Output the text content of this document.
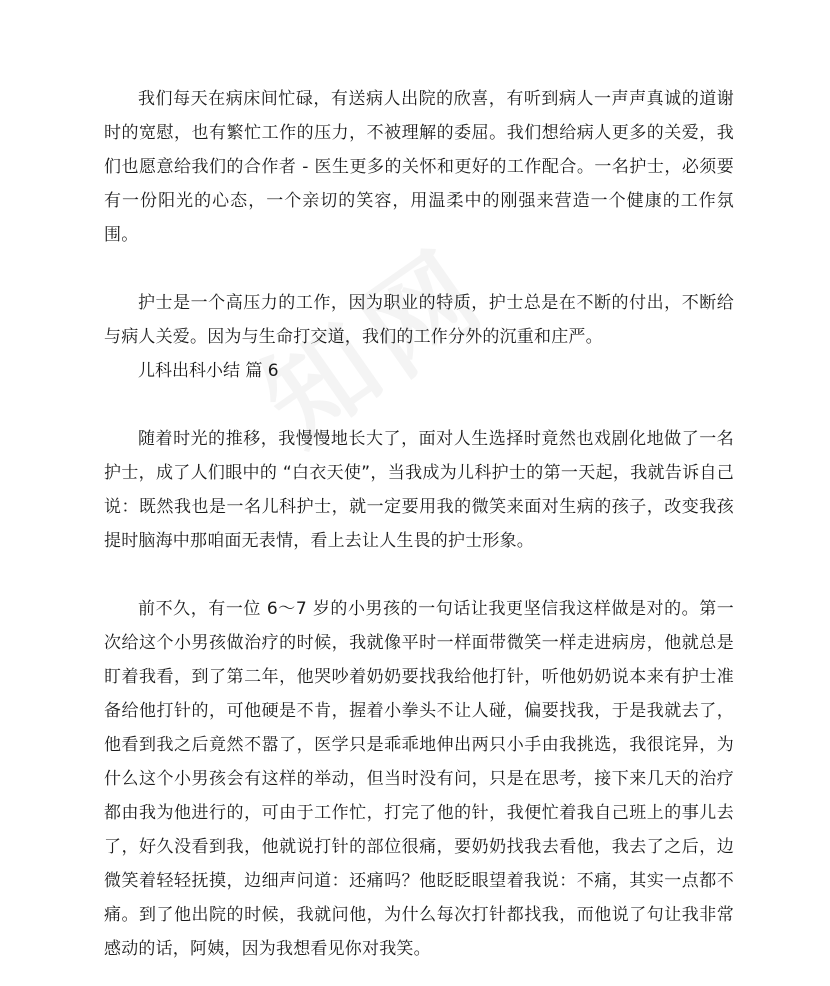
我们每天在病床间忙碌，有送病人出院的欣喜，有听到病人一声声真诚的道谢时的宽慰，也有繁忙工作的压力，不被理解的委屈。我们想给病人更多的关爱，我们也愿意给我们的合作者 - 医生更多的关怀和更好的工作配合。一名护士，必须要有一份阳光的心态，一个亲切的笑容，用温柔中的刚强来营造一个健康的工作氛围。

护士是一个高压力的工作，因为职业的特质，护士总是在不断的付出，不断给与病人关爱。因为与生命打交道，我们的工作分外的沉重和庄严。

儿科出科小结 篇 6

随着时光的推移，我慢慢地长大了，面对人生选择时竟然也戏剧化地做了一名护士，成了人们眼中的 “白衣天使”，当我成为儿科护士的第一天起，我就告诉自己说：既然我也是一名儿科护士，就一定要用我的微笑来面对生病的孩子，改变我孩提时脑海中那咱面无表情，看上去让人生畏的护士形象。

前不久，有一位 6～7 岁的小男孩的一句话让我更坚信我这样做是对的。第一次给这个小男孩做治疗的时候，我就像平时一样面带微笑一样走进病房，他就总是盯着我看，到了第二年，他哭吵着奶奶要找我给他打针，听他奶奶说本来有护士准备给他打针的，可他硬是不肯，握着小拳头不让人碰，偏要找我，于是我就去了，他看到我之后竟然不嚣了，医学只是乖乖地伸出两只小手由我挑选，我很诧异，为什么这个小男孩会有这样的举动，但当时没有问，只是在思考，接下来几天的治疗都由我为他进行的，可由于工作忙，打完了他的针，我便忙着我自己班上的事儿去了，好久没看到我，他就说打针的部位很痛，要奶奶找我去看他，我去了之后，边微笑着轻轻抚摸，边细声问道：还痛吗？他眨眨眼望着我说：不痛，其实一点都不痛。到了他出院的时候，我就问他，为什么每次打针都找我，而他说了句让我非常感动的话，阿姨，因为我想看见你对我笑。
